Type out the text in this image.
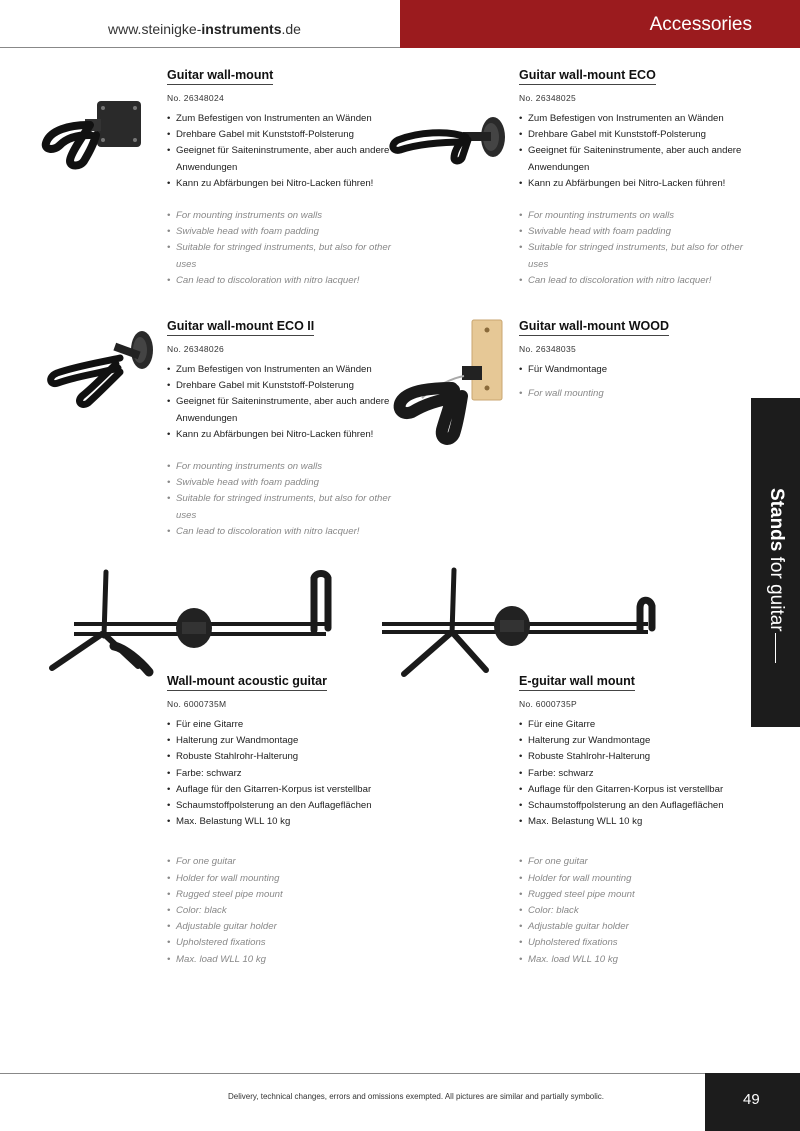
www.steinigke-instruments.de	Accessories
Stands for guitar
Guitar wall-mount
No. 26348024
• Zum Befestigen von Instrumenten an Wänden
• Drehbare Gabel mit Kunststoff-Polsterung
• Geeignet für Saiteninstrumente, aber auch andere Anwendungen
• Kann zu Abfärbungen bei Nitro-Lacken führen!
• For mounting instruments on walls
• Swivable head with foam padding
• Suitable for stringed instruments, but also for other uses
• Can lead to discoloration with nitro lacquer!
Guitar wall-mount ECO
No. 26348025
• Zum Befestigen von Instrumenten an Wänden
• Drehbare Gabel mit Kunststoff-Polsterung
• Geeignet für Saiteninstrumente, aber auch andere Anwendungen
• Kann zu Abfärbungen bei Nitro-Lacken führen!
• For mounting instruments on walls
• Swivable head with foam padding
• Suitable for stringed instruments, but also for other uses
• Can lead to discoloration with nitro lacquer!
Guitar wall-mount ECO II
No. 26348026
• Zum Befestigen von Instrumenten an Wänden
• Drehbare Gabel mit Kunststoff-Polsterung
• Geeignet für Saiteninstrumente, aber auch andere Anwendungen
• Kann zu Abfärbungen bei Nitro-Lacken führen!
• For mounting instruments on walls
• Swivable head with foam padding
• Suitable for stringed instruments, but also for other uses
• Can lead to discoloration with nitro lacquer!
Guitar wall-mount WOOD
No. 26348035
• Für Wandmontage
• For wall mounting
Wall-mount acoustic guitar
No. 6000735M
• Für eine Gitarre
• Halterung zur Wandmontage
• Robuste Stahlrohr-Halterung
• Farbe: schwarz
• Auflage für den Gitarren-Korpus ist verstellbar
• Schaumstoffpolsterung an den Auflageflächen
• Max. Belastung WLL 10 kg
• For one guitar
• Holder for wall mounting
• Rugged steel pipe mount
• Color: black
• Adjustable guitar holder
• Upholstered fixations
• Max. load WLL 10 kg
E-guitar wall mount
No. 6000735P
• Für eine Gitarre
• Halterung zur Wandmontage
• Robuste Stahlrohr-Halterung
• Farbe: schwarz
• Auflage für den Gitarren-Korpus ist verstellbar
• Schaumstoffpolsterung an den Auflageflächen
• Max. Belastung WLL 10 kg
• For one guitar
• Holder for wall mounting
• Rugged steel pipe mount
• Color: black
• Adjustable guitar holder
• Upholstered fixations
• Max. load WLL 10 kg
Delivery, technical changes, errors and omissions exempted. All pictures are similar and partially symbolic.	49
